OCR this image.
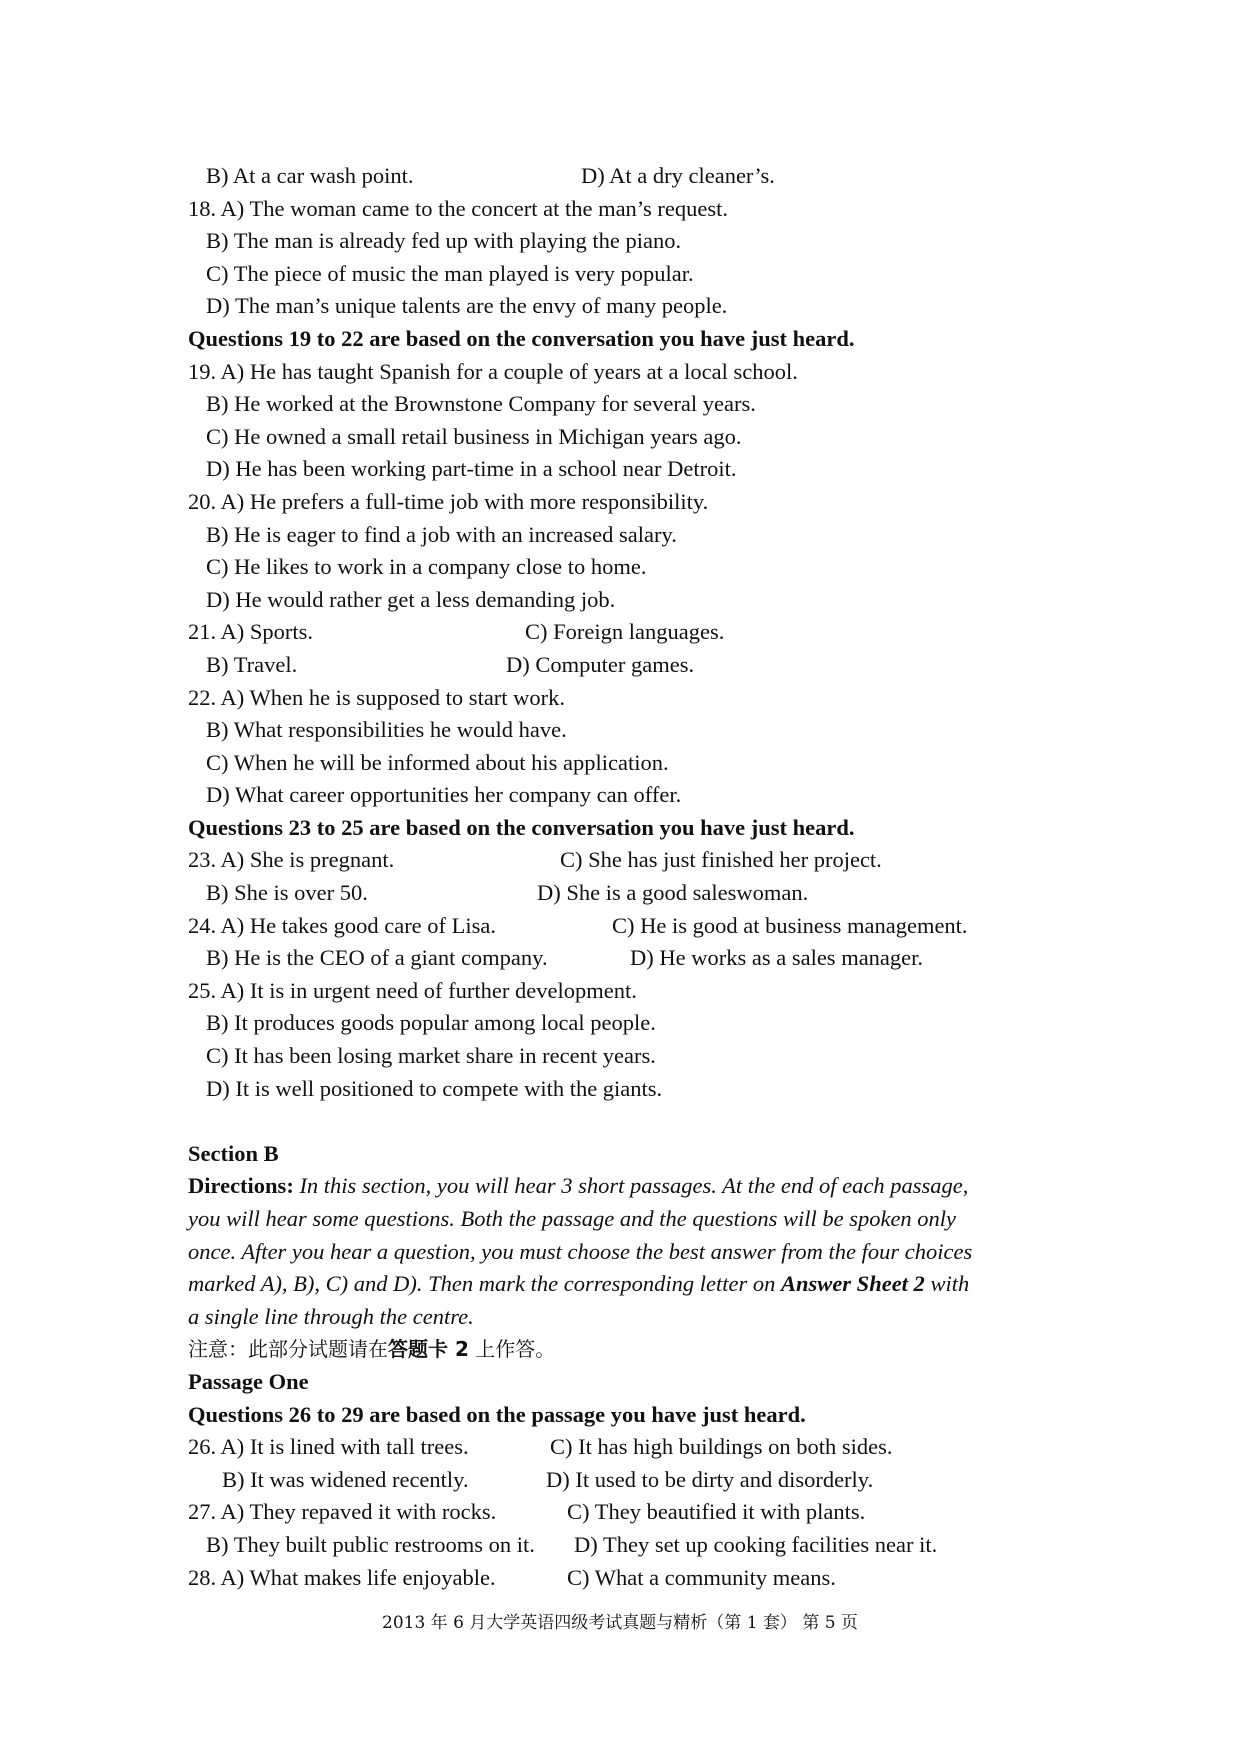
B) At a car wash point.	D) At a dry cleaner’s.
18. A) The woman came to the concert at the man’s request.
B) The man is already fed up with playing the piano.
C) The piece of music the man played is very popular.
D) The man’s unique talents are the envy of many people.
Questions 19 to 22 are based on the conversation you have just heard.
19. A) He has taught Spanish for a couple of years at a local school.
B) He worked at the Brownstone Company for several years.
C) He owned a small retail business in Michigan years ago.
D) He has been working part-time in a school near Detroit.
20. A) He prefers a full-time job with more responsibility.
B) He is eager to find a job with an increased salary.
C) He likes to work in a company close to home.
D) He would rather get a less demanding job.
21. A) Sports.	C) Foreign languages.
B) Travel.	D) Computer games.
22. A) When he is supposed to start work.
B) What responsibilities he would have.
C) When he will be informed about his application.
D) What career opportunities her company can offer.
Questions 23 to 25 are based on the conversation you have just heard.
23. A) She is pregnant.	C) She has just finished her project.
B) She is over 50.	D) She is a good saleswoman.
24. A) He takes good care of Lisa.	C) He is good at business management.
B) He is the CEO of a giant company.	D) He works as a sales manager.
25. A) It is in urgent need of further development.
B) It produces goods popular among local people.
C) It has been losing market share in recent years.
D) It is well positioned to compete with the giants.
Section B
Directions: In this section, you will hear 3 short passages. At the end of each passage,
you will hear some questions. Both the passage and the questions will be spoken only
once. After you hear a question, you must choose the best answer from the four choices
marked A), B), C) and D). Then mark the corresponding letter on Answer Sheet 2 with
a single line through the centre.
注意：此部分试题请在答题卡 2 上作答。
Passage One
Questions 26 to 29 are based on the passage you have just heard.
26. A) It is lined with tall trees.	C) It has high buildings on both sides.
B) It was widened recently.	D) It used to be dirty and disorderly.
27. A) They repaved it with rocks.	C) They beautified it with plants.
B) They built public restrooms on it. D) They set up cooking facilities near it.
28. A) What makes life enjoyable.	C) What a community means.
2013 年 6 月大学英语四级考试真题与精析（第 1 套） 第 5 页
